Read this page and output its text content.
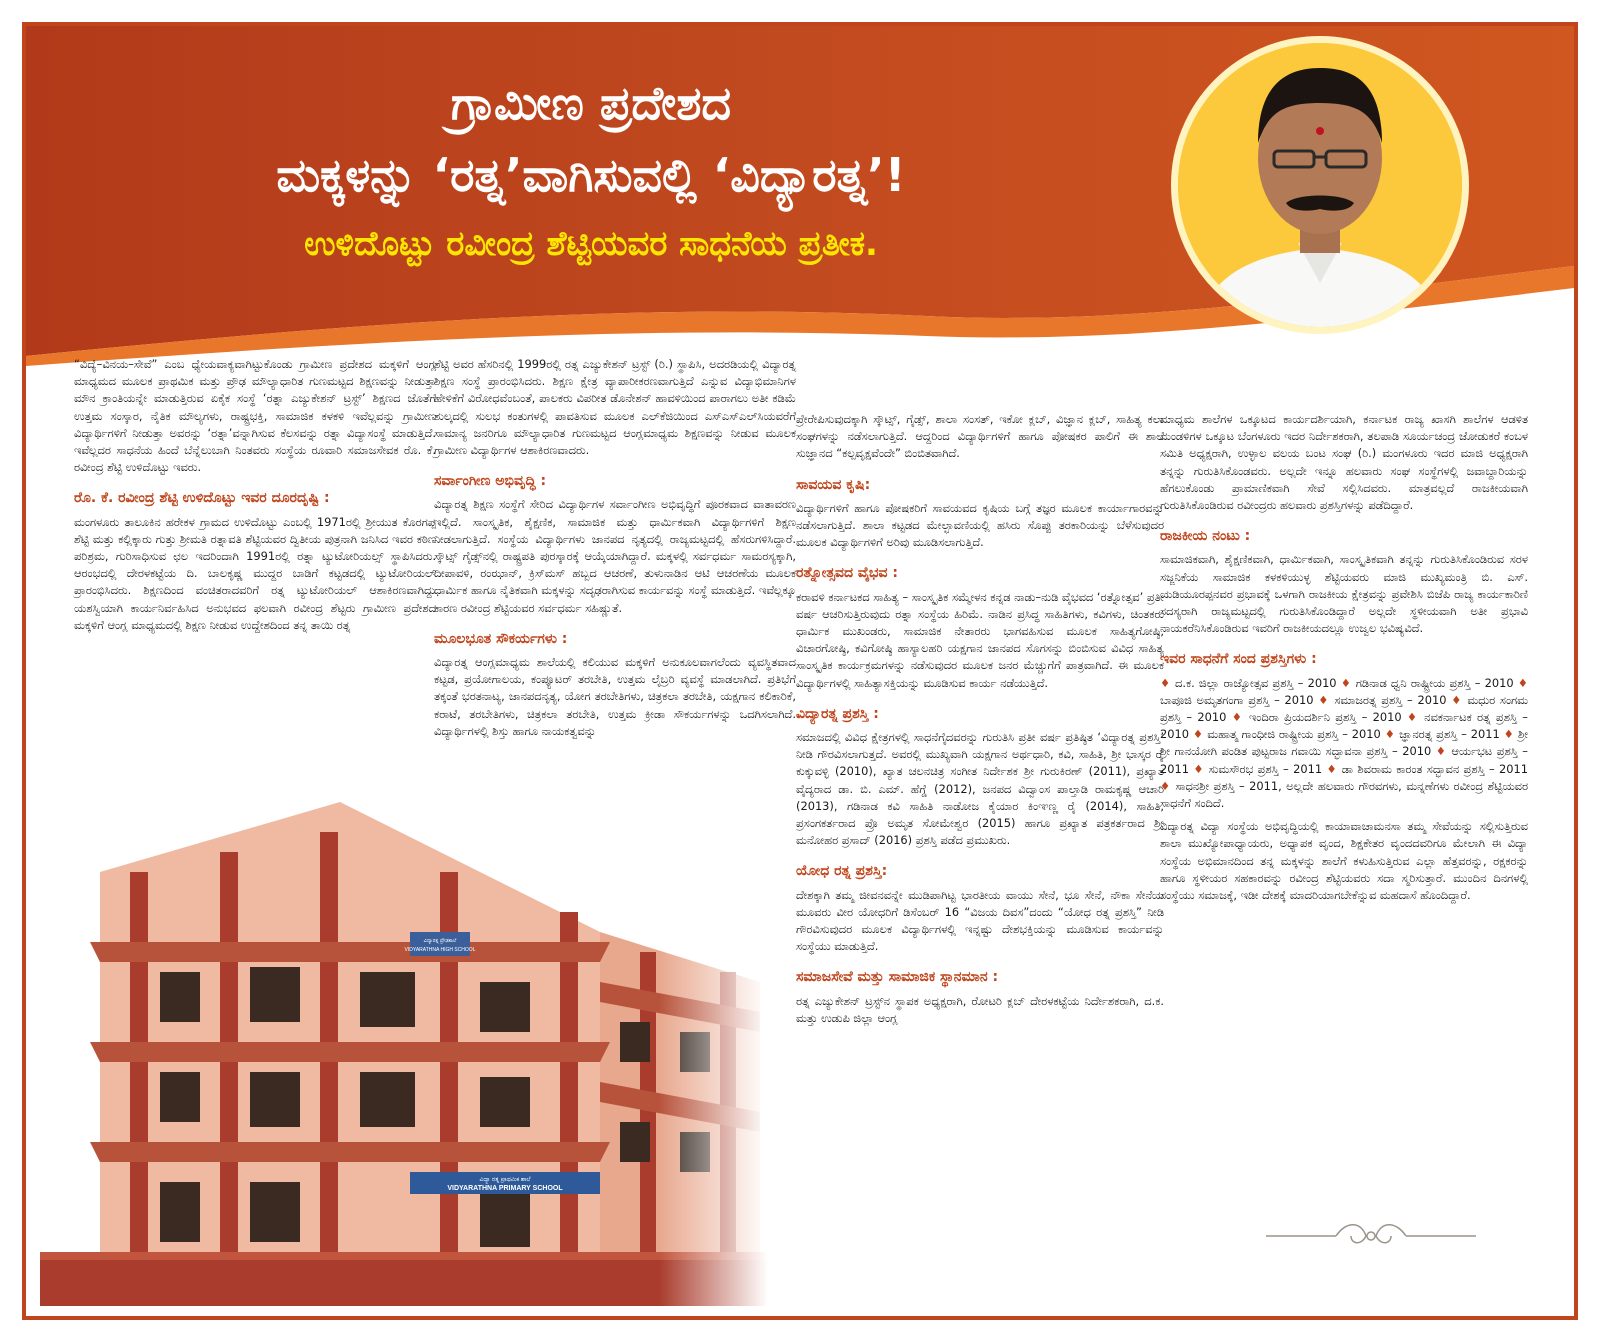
ಗ್ರಾಮೀಣ ಪ್ರದೇಶದ
ಮಕ್ಕಳನ್ನು ‘ರತ್ನ’ವಾಗಿಸುವಲ್ಲಿ ‘ವಿದ್ಯಾರತ್ನ’!
ಉಳಿದೊಟ್ಟು ರವೀಂದ್ರ ಶೆಟ್ಟಿಯವರ ಸಾಧನೆಯ ಪ್ರತೀಕ.

“ವಿದ್ಯೆ–ವಿನಯ–ಸೇವೆ” ಎಂಬ ಧ್ಯೇಯವಾಕ್ಯವಾಗಿಟ್ಟುಕೊಂಡು ಗ್ರಾಮೀಣ ಪ್ರದೇಶದ ಮಕ್ಕಳಿಗೆ ಆಂಗ್ಲ ಮಾಧ್ಯಮದ ಮೂಲಕ ಪ್ರಾಥಮಿಕ ಮತ್ತು ಪ್ರೌಢ ಮೌಲ್ಯಾಧಾರಿತ ಗುಣಮಟ್ಟದ ಶಿಕ್ಷಣವನ್ನು ನೀಡುತ್ತಾ ಮೌನ ಕ್ರಾಂತಿಯನ್ನೇ ಮಾಡುತ್ತಿರುವ ಏಕೈಕ ಸಂಸ್ಥೆ ‘ರತ್ನಾ ಎಜ್ಯುಕೇಶನ್ ಟ್ರಸ್ಟ್’ ಶಿಕ್ಷಣದ ಜೊತೆಗೆ ಉತ್ತಮ ಸಂಸ್ಕಾರ, ನೈತಿಕ ಮೌಲ್ಯಗಳು, ರಾಷ್ಟ್ರಭಕ್ತಿ, ಸಾಮಾಜಿಕ ಕಳಕಳಿ ಇವೆಲ್ಲವನ್ನು ಗ್ರಾಮೀಣ ವಿದ್ಯಾರ್ಥಿಗಳಿಗೆ ನೀಡುತ್ತಾ ಅವರನ್ನು ‘ರತ್ನಾ’ವನ್ನಾಗಿಸುವ ಕೆಲಸವನ್ನು ರತ್ನಾ ವಿದ್ಯಾಸಂಸ್ಥೆ ಮಾಡುತ್ತಿದೆ. ಇವೆಲ್ಲದರ ಸಾಧನೆಯ ಹಿಂದೆ ಬೆನ್ನೆಲುಬಾಗಿ ನಿಂತವರು ಸಂಸ್ಥೆಯ ರೂವಾರಿ ಸಮಾಜಸೇವಕ ರೊ. ಕೆ. ರವೀಂದ್ರ ಶೆಟ್ಟಿ ಉಳಿದೊಟ್ಟು ಇವರು.

ರೊ. ಕೆ. ರವೀಂದ್ರ ಶೆಟ್ಟಿ ಉಳಿದೊಟ್ಟು ಇವರ ದೂರದೃಷ್ಟಿ :

ಮಂಗಳೂರು ತಾಲೂಕಿನ ಹರೇಕಳ ಗ್ರಾಮದ ಉಳಿದೊಟ್ಟು ಎಂಬಲ್ಲಿ 1971ರಲ್ಲಿ ಶ್ರೀಯುತ ಕೊರಗಪ್ಪ ಶೆಟ್ಟಿ ಮತ್ತು ಕಲ್ಲಿಕ್ಕಾರು ಗುತ್ತು ಶ್ರೀಮತಿ ರತ್ನಾವತಿ ಶೆಟ್ಟಿಯವರ ದ್ವಿತೀಯ ಪುತ್ರನಾಗಿ ಜನಿಸಿದ ಇವರ ಕಠಿಣ ಪರಿಶ್ರಮ, ಗುರಿಸಾಧಿಸುವ ಛಲ ಇದರಿಂದಾಗಿ 1991ರಲ್ಲಿ ರತ್ನಾ ಟ್ಯುಟೋರಿಯಲ್ಸ್ ಸ್ಥಾಪಿಸಿದರು. ಆರಂಭದಲ್ಲಿ ದೇರಳಕಟ್ಟೆಯ ದಿ. ಬಾಲಕೃಷ್ಣ ಮುದ್ದರ ಬಾಡಿಗೆ ಕಟ್ಟಡದಲ್ಲಿ ಟ್ಯುಟೋರಿಯಲ್ ಪ್ರಾರಂಭಿಸಿದರು. ಶಿಕ್ಷಣದಿಂದ ವಂಚಿತರಾದವರಿಗೆ ರತ್ನ ಟ್ಯುಟೋರಿಯಲ್ ಆಶಾಕಿರಣವಾಗಿದ್ದು ಯಶಸ್ವಿಯಾಗಿ ಕಾರ್ಯನಿರ್ವಹಿಸಿದ ಅನುಭವದ ಫಲವಾಗಿ ರವೀಂದ್ರ ಶೆಟ್ಟರು ಗ್ರಾಮೀಣ ಪ್ರದೇಶದ ಮಕ್ಕಳಿಗೆ ಆಂಗ್ಲ ಮಾಧ್ಯಮದಲ್ಲಿ ಶಿಕ್ಷಣ ನೀಡುವ ಉದ್ದೇಶದಿಂದ ತನ್ನ ತಾಯಿ ರತ್ನ

ಶೆಟ್ಟಿ ಅವರ ಹೆಸರಿನಲ್ಲಿ 1999ರಲ್ಲಿ ರತ್ನ ಎಜ್ಯುಕೇಶನ್ ಟ್ರಸ್ಟ್ (ರಿ.) ಸ್ಥಾಪಿಸಿ, ಅದರಡಿಯಲ್ಲಿ ವಿದ್ಯಾರತ್ನ ಶಿಕ್ಷಣ ಸಂಸ್ಥೆ ಪ್ರಾರಂಭಿಸಿದರು. ಶಿಕ್ಷಣ ಕ್ಷೇತ್ರ ವ್ಯಾಪಾರೀಕರಣವಾಗುತ್ತಿದೆ ಎನ್ನುವ ವಿದ್ಯಾಭಿಮಾನಿಗಳ ಹೇಳಿಕೆಗೆ ವಿರೋಧವೆಂಬಂತೆ, ಪಾಲಕರು ವಿಪರೀತ ಡೊನೇಶನ್ ಹಾವಳಿಯಿಂದ ಪಾರಾಗಲು ಅತೀ ಕಡಿಮೆ ಶುಲ್ಕದಲ್ಲಿ ಸುಲಭ ಕಂತುಗಳಲ್ಲಿ ಪಾವತಿಸುವ ಮೂಲಕ ಎಲ್‌ಕೆಜಿಯಿಂದ ಎಸ್‌ಎಸ್‌ಎಲ್‌ಸಿಯವರೆಗೆ ಸಾಮಾನ್ಯ ಜನರಿಗೂ ಮೌಲ್ಯಾಧಾರಿತ ಗುಣಮಟ್ಟದ ಆಂಗ್ಲಮಾಧ್ಯಮ ಶಿಕ್ಷಣವನ್ನು ನೀಡುವ ಮೂಲಕ ಗ್ರಾಮೀಣ ವಿದ್ಯಾರ್ಥಿಗಳ ಆಶಾಕಿರಣವಾದರು.

ಸರ್ವಾಂಗೀಣ ಅಭಿವೃದ್ಧಿ :

ವಿದ್ಯಾರತ್ನ ಶಿಕ್ಷಣ ಸಂಸ್ಥೆಗೆ ಸೇರಿದ ವಿದ್ಯಾರ್ಥಿಗಳ ಸರ್ವಾಂಗೀಣ ಅಭಿವೃದ್ಧಿಗೆ ಪೂರಕವಾದ ವಾತಾವರಣ ಇಲ್ಲಿದೆ. ಸಾಂಸ್ಕೃತಿಕ, ಶೈಕ್ಷಣಿಕ, ಸಾಮಾಜಿಕ ಮತ್ತು ಧಾರ್ಮಿಕವಾಗಿ ವಿದ್ಯಾರ್ಥಿಗಳಿಗೆ ಶಿಕ್ಷಣ ನೀಡಲಾಗುತ್ತಿದೆ. ಸಂಸ್ಥೆಯ ವಿದ್ಯಾರ್ಥಿಗಳು ಜಾನಪದ ನೃತ್ಯದಲ್ಲಿ ರಾಜ್ಯಮಟ್ಟದಲ್ಲಿ ಹೆಸರುಗಳಿಸಿದ್ದಾರೆ. ಸ್ಕೌಟ್ಸ್ ಗೈಡ್ಸ್‌ನಲ್ಲಿ ರಾಷ್ಟ್ರಪತಿ ಪುರಸ್ಕಾರಕ್ಕೆ ಆಯ್ಕೆಯಾಗಿದ್ದಾರೆ. ಮಕ್ಕಳಲ್ಲಿ ಸರ್ವಧರ್ಮ ಸಾಮರಸ್ಯಕ್ಕಾಗಿ, ದೀಪಾವಳಿ, ರಂಝಾನ್, ಕ್ರಿಸ್‌ಮಸ್ ಹಬ್ಬದ ಆಚರಣೆ, ತುಳುನಾಡಿನ ಆಟಿ ಆಚರಣೆಯ ಮೂಲಕ ಧಾರ್ಮಿಕ ಹಾಗೂ ನೈತಿಕವಾಗಿ ಮಕ್ಕಳನ್ನು ಸದೃಢರಾಗಿಸುವ ಕಾರ್ಯವನ್ನು ಸಂಸ್ಥೆ ಮಾಡುತ್ತಿದೆ. ಇವೆಲ್ಲಕ್ಕೂ ಕಾರಣ ರವೀಂದ್ರ ಶೆಟ್ಟಿಯವರ ಸರ್ವಧರ್ಮ ಸಹಿಷ್ಣುತೆ.

ಮೂಲಭೂತ ಸೌಕರ್ಯಗಳು :

ವಿದ್ಯಾರತ್ನ ಆಂಗ್ಲಮಾಧ್ಯಮ ಶಾಲೆಯಲ್ಲಿ ಕಲಿಯುವ ಮಕ್ಕಳಿಗೆ ಅನುಕೂಲವಾಗಲೆಂದು ವ್ಯವಸ್ಥಿತವಾದ ಕಟ್ಟಡ, ಪ್ರಯೋಗಾಲಯ, ಕಂಪ್ಯೂಟರ್ ತರಬೇತಿ, ಉತ್ತಮ ಲೈಬ್ರರಿ ವ್ಯವಸ್ಥೆ ಮಾಡಲಾಗಿದೆ. ಪ್ರತಿಭೆಗೆ ತಕ್ಕಂತೆ ಭರತನಾಟ್ಯ, ಜಾನಪದನೃತ್ಯ, ಯೋಗ ತರಬೇತಿಗಳು, ಚಿತ್ರಕಲಾ ತರಬೇತಿ, ಯಕ್ಷಗಾನ ಕಲಿಕಾರಿಕೆ, ಕರಾಟೆ, ತರಬೇತಿಗಳು, ಚಿತ್ರಕಲಾ ತರಬೇತಿ, ಉತ್ತಮ ಕ್ರೀಡಾ ಸೌಕರ್ಯಗಳನ್ನು ಒದಗಿಸಲಾಗಿದೆ. ವಿದ್ಯಾರ್ಥಿಗಳಲ್ಲಿ ಶಿಸ್ತು ಹಾಗೂ ನಾಯಕತ್ವವನ್ನು

ಪ್ರೇರೇಪಿಸುವುದಕ್ಕಾಗಿ ಸ್ಕೌಟ್ಸ್, ಗೈಡ್ಸ್, ಶಾಲಾ ಸಂಸತ್, ಇಕೋ ಕ್ಲಬ್, ವಿಜ್ಞಾನ ಕ್ಲಬ್, ಸಾಹಿತ್ಯ ಕಲಾ ಸಂಘಗಳನ್ನು ನಡೆಸಲಾಗುತ್ತಿದೆ. ಆದ್ದರಿಂದ ವಿದ್ಯಾರ್ಥಿಗಳಿಗೆ ಹಾಗೂ ಪೋಷಕರ ಪಾಲಿಗೆ ಈ ಶಾಲೆ ಸುಜ್ಞಾನದ “ಕಲ್ಪವೃಕ್ಷವೆಂದೇ” ಬಿಂಬಿತವಾಗಿದೆ.

ಸಾವಯವ ಕೃಷಿ:

ವಿದ್ಯಾರ್ಥಿಗಳಿಗೆ ಹಾಗೂ ಪೋಷಕರಿಗೆ ಸಾವಯವದ ಕೃಷಿಯ ಬಗ್ಗೆ ತಜ್ಞರ ಮೂಲಕ ಕಾರ್ಯಾಗಾರವನ್ನು ನಡೆಸಲಾಗುತ್ತಿದೆ. ಶಾಲಾ ಕಟ್ಟಡದ ಮೇಲ್ಛಾವಣಿಯಲ್ಲಿ ಹಸಿರು ಸೊಪ್ಪು ತರಕಾರಿಯನ್ನು ಬೆಳೆಸುವುದರ ಮೂಲಕ ವಿದ್ಯಾರ್ಥಿಗಳಿಗೆ ಅರಿವು ಮೂಡಿಸಲಾಗುತ್ತಿದೆ.

ರತ್ನೋತ್ಸವದ ವೈಭವ :

ಕರಾವಳಿ ಕರ್ನಾಟಕದ ಸಾಹಿತ್ಯ – ಸಾಂಸ್ಕೃತಿಕ ಸಮ್ಮೇಳನ ಕನ್ನಡ ನಾಡು–ನುಡಿ ವೈಭವದ ‘ರತ್ನೋತ್ಸವ’ ಪ್ರತೀ ವರ್ಷ ಆಚರಿಸುತ್ತಿರುವುದು ರತ್ನಾ ಸಂಸ್ಥೆಯ ಹಿರಿಮೆ. ನಾಡಿನ ಪ್ರಸಿದ್ಧ ಸಾಹಿತಿಗಳು, ಕವಿಗಳು, ಚಿಂತಕರು ಧಾರ್ಮಿಕ ಮುಖಂಡರು, ಸಾಮಾಜಿಕ ನೇತಾರರು ಭಾಗವಹಿಸುವ ಮೂಲಕ ಸಾಹಿತ್ಯಗೋಷ್ಠಿ, ವಿಚಾರಗೋಷ್ಠಿ, ಕವಿಗೋಷ್ಠಿ ಹಾಸ್ಯಾಲಹರಿ ಯಕ್ಷಗಾನ ಜಾನಪದ ಸೊಗಸನ್ನು ಬಿಂಬಿಸುವ ವಿವಿಧ ಸಾಹಿತ್ಯ ಸಾಂಸ್ಕೃತಿಕ ಕಾರ್ಯಕ್ರಮಗಳನ್ನು ನಡೆಸುವುದರ ಮೂಲಕ ಜನರ ಮೆಚ್ಚುಗೆಗೆ ಪಾತ್ರವಾಗಿದೆ. ಈ ಮೂಲಕ ವಿದ್ಯಾರ್ಥಿಗಳಲ್ಲಿ ಸಾಹಿತ್ಯಾಸಕ್ತಿಯನ್ನು ಮೂಡಿಸುವ ಕಾರ್ಯ ನಡೆಯುತ್ತಿದೆ.

ವಿದ್ಯಾರತ್ನ ಪ್ರಶಸ್ತಿ :

ಸಮಾಜದಲ್ಲಿ ವಿವಿಧ ಕ್ಷೇತ್ರಗಳಲ್ಲಿ ಸಾಧನೆಗೈದವರನ್ನು ಗುರುತಿಸಿ ಪ್ರತೀ ವರ್ಷ ಪ್ರತಿಷ್ಠಿತ ‘ವಿದ್ಯಾರತ್ನ ಪ್ರಶಸ್ತಿ’ ನೀಡಿ ಗೌರವಿಸಲಾಗುತ್ತದೆ. ಅವರಲ್ಲಿ ಮುಖ್ಯವಾಗಿ ಯಕ್ಷಗಾನ ಅರ್ಥಧಾರಿ, ಕವಿ, ಸಾಹಿತಿ, ಶ್ರೀ ಭಾಸ್ಕರ ರೈ ಕುಕ್ಕುವಳ್ಳಿ (2010), ಖ್ಯಾತ ಚಲನಚಿತ್ರ ಸಂಗೀತ ನಿರ್ದೇಶಕ ಶ್ರೀ ಗುರುಕಿರಣ್ (2011), ಪ್ರಖ್ಯಾತ ವೈದ್ಯರಾದ ಡಾ. ಬಿ. ಎಮ್. ಹೆಗ್ಡೆ (2012), ಜನಪದ ವಿದ್ವಾಂಸ ಪಾಲ್ತಾಡಿ ರಾಮಕೃಷ್ಣ ಆಚಾರಿ (2013), ಗಡಿನಾಡ ಕವಿ ಸಾಹಿತಿ ನಾಡೋಜ ಕೈಯಾರ ಕಿಂಞಣ್ಣ ರೈ (2014), ಸಾಹಿತಿ, ಪ್ರಸಂಗಕರ್ತರಾದ ಪ್ರೊ ಅಮೃತ ಸೋಮೇಶ್ವರ (2015) ಹಾಗೂ ಪ್ರಖ್ಯಾತ ಪತ್ರಕರ್ತರಾದ ಶ್ರೀ ಮನೋಹರ ಪ್ರಸಾದ್ (2016) ಪ್ರಶಸ್ತಿ ಪಡೆದ ಪ್ರಮುಖರು.

ಯೋಧ ರತ್ನ ಪ್ರಶಸ್ತಿ:

ದೇಶಕ್ಕಾಗಿ ತಮ್ಮ ಜೀವನವನ್ನೇ ಮುಡಿಪಾಗಿಟ್ಟ ಭಾರತೀಯ ವಾಯು ಸೇನೆ, ಭೂ ಸೇನೆ, ನೌಕಾ ಸೇನೆಯ ಮೂವರು ವೀರ ಯೋಧರಿಗೆ ಡಿಸೆಂಬರ್ 16 “ವಿಜಯ ದಿವಸ”ದಂದು “ಯೋಧ ರತ್ನ ಪ್ರಶಸ್ತಿ” ನೀಡಿ ಗೌರವಿಸುವುದರ ಮೂಲಕ ವಿದ್ಯಾರ್ಥಿಗಳಲ್ಲಿ ಇನ್ನಷ್ಟು ದೇಶಭಕ್ತಿಯನ್ನು ಮೂಡಿಸುವ ಕಾರ್ಯವನ್ನು ಸಂಸ್ಥೆಯು ಮಾಡುತ್ತಿದೆ.

ಸಮಾಜಸೇವೆ ಮತ್ತು ಸಾಮಾಜಿಕ ಸ್ಥಾನಮಾನ :

ರತ್ನ ಎಜ್ಯುಕೇಶನ್ ಟ್ರಸ್ಟ್‌ನ ಸ್ಥಾಪಕ ಅಧ್ಯಕ್ಷರಾಗಿ, ರೋಟರಿ ಕ್ಲಬ್ ದೇರಳಕಟ್ಟೆಯ ನಿರ್ದೇಶಕರಾಗಿ, ದ.ಕ. ಮತ್ತು ಉಡುಪಿ ಜಿಲ್ಲಾ ಆಂಗ್ಲ

ಮಾಧ್ಯಮ ಶಾಲೆಗಳ ಒಕ್ಕೂಟದ ಕಾರ್ಯದರ್ಶಿಯಾಗಿ, ಕರ್ನಾಟಕ ರಾಜ್ಯ ಖಾಸಗಿ ಶಾಲೆಗಳ ಆಡಳಿತ ಮಂಡಳಿಗಳ ಒಕ್ಕೂಟ ಬೆಂಗಳೂರು ಇದರ ನಿರ್ದೇಶಕರಾಗಿ, ತಲಪಾಡಿ ಸೂರ್ಯಚಂದ್ರ ಜೋಡುಕರೆ ಕಂಬಳ ಸಮಿತಿ ಅಧ್ಯಕ್ಷರಾಗಿ, ಉಳ್ಳಾಲ ವಲಯ ಬಂಟ ಸಂಘ (ರಿ.) ಮಂಗಳೂರು ಇದರ ಮಾಜಿ ಅಧ್ಯಕ್ಷರಾಗಿ ತನ್ನನ್ನು ಗುರುತಿಸಿಕೊಂಡವರು. ಅಲ್ಲದೇ ಇನ್ನೂ ಹಲವಾರು ಸಂಘ ಸಂಸ್ಥೆಗಳಲ್ಲಿ ಜವಾಬ್ದಾರಿಯನ್ನು ಹೆಗಲುಕೊಂಡು ಪ್ರಾಮಾಣಿಕವಾಗಿ ಸೇವೆ ಸಲ್ಲಿಸಿದವರು. ಮಾತ್ರವಲ್ಲದೆ ರಾಜಕೀಯವಾಗಿ ಗುರುತಿಸಿಕೊಂಡಿರುವ ರವೀಂದ್ರರು ಹಲವಾರು ಪ್ರಶಸ್ತಿಗಳನ್ನು ಪಡೆದಿದ್ದಾರೆ.

ರಾಜಕೀಯ ನಂಟು :

ಸಾಮಾಜಿಕವಾಗಿ, ಶೈಕ್ಷಣಿಕವಾಗಿ, ಧಾರ್ಮಿಕವಾಗಿ, ಸಾಂಸ್ಕೃತಿಕವಾಗಿ ತನ್ನನ್ನು ಗುರುತಿಸಿಕೊಂಡಿರುವ ಸರಳ ಸಜ್ಜನಿಕೆಯ ಸಾಮಾಜಿಕ ಕಳಕಳಿಯುಳ್ಳ ಶೆಟ್ಟಿಯವರು ಮಾಜಿ ಮುಖ್ಯಮಂತ್ರಿ ಬಿ. ಎಸ್. ಯಡಿಯೂರಪ್ಪನವರ ಪ್ರಭಾವಕ್ಕೆ ಒಳಗಾಗಿ ರಾಜಕೀಯ ಕ್ಷೇತ್ರವನ್ನು ಪ್ರವೇಶಿಸಿ ಬಿಜೆಪಿ ರಾಜ್ಯ ಕಾರ್ಯಕಾರಿಣಿ ಸದಸ್ಯರಾಗಿ ರಾಜ್ಯಮಟ್ಟದಲ್ಲಿ ಗುರುತಿಸಿಕೊಂಡಿದ್ದಾರೆ ಅಲ್ಲದೇ ಸ್ಥಳೀಯವಾಗಿ ಅತೀ ಪ್ರಭಾವಿ ನಾಯಕರೆನಿಸಿಕೊಂಡಿರುವ ಇವರಿಗೆ ರಾಜಕೀಯದಲ್ಲೂ ಉಜ್ವಲ ಭವಿಷ್ಯವಿದೆ.

ಇವರ ಸಾಧನೆಗೆ ಸಂದ ಪ್ರಶಸ್ತಿಗಳು :

♦ ದ.ಕ. ಜಿಲ್ಲಾ ರಾಜ್ಯೋತ್ಸವ ಪ್ರಶಸ್ತಿ – 2010 ♦ ಗಡಿನಾಡ ಧ್ವನಿ ರಾಷ್ಟ್ರೀಯ ಪ್ರಶಸ್ತಿ – 2010 ♦ ಬಾಪೂಜಿ ಅಮೃತಗಂಗಾ ಪ್ರಶಸ್ತಿ – 2010 ♦ ಸಮಾಜರತ್ನ ಪ್ರಶಸ್ತಿ – 2010 ♦ ಮಧುರ ಸಂಗಮ ಪ್ರಶಸ್ತಿ – 2010 ♦ ಇಂದಿರಾ ಪ್ರಿಯದರ್ಶಿನಿ ಪ್ರಶಸ್ತಿ – 2010 ♦ ನವಕರ್ನಾಟಕ ರತ್ನ ಪ್ರಶಸ್ತಿ – 2010 ♦ ಮಹಾತ್ಮ ಗಾಂಧೀಜಿ ರಾಷ್ಟ್ರೀಯ ಪ್ರಶಸ್ತಿ – 2010 ♦ ಜ್ಞಾನರತ್ನ ಪ್ರಶಸ್ತಿ – 2011 ♦ ಶ್ರೀ ಶ್ರೀ ಗಾನಯೋಗಿ ಪಂಡಿತ ಪುಟ್ಟರಾಜ ಗವಾಯಿ ಸದ್ಭಾವನಾ ಪ್ರಶಸ್ತಿ – 2010 ♦ ಆರ್ಯಭಟ ಪ್ರಶಸ್ತಿ – 2011 ♦ ಸುಮಸೌರಭ ಪ್ರಶಸ್ತಿ – 2011 ♦ ಡಾ ಶಿವರಾಮ ಕಾರಂತ ಸದ್ಭಾವನ ಪ್ರಶಸ್ತಿ – 2011 ♦ ಸಾಧನಶ್ರೀ ಪ್ರಶಸ್ತಿ – 2011, ಅಲ್ಲದೇ ಹಲವಾರು ಗೌರವಗಳು, ಮನ್ನಣೆಗಳು ರವೀಂದ್ರ ಶೆಟ್ಟಿಯವರ ಸಾಧನೆಗೆ ಸಂದಿದೆ.

ವಿದ್ಯಾರತ್ನ ವಿದ್ಯಾ ಸಂಸ್ಥೆಯ ಅಭಿವೃದ್ಧಿಯಲ್ಲಿ ಕಾಯಾವಾಚಾಮನಸಾ ತಮ್ಮ ಸೇವೆಯನ್ನು ಸಲ್ಲಿಸುತ್ತಿರುವ ಶಾಲಾ ಮುಖ್ಯೋಪಾಧ್ಯಾಯರು, ಅಧ್ಯಾಪಕ ವೃಂದ, ಶಿಕ್ಷಕೇತರ ವೃಂದದವರಿಗೂ ಮೇಲಾಗಿ ಈ ವಿದ್ಯಾ ಸಂಸ್ಥೆಯ ಅಭಿಮಾನದಿಂದ ತನ್ನ ಮಕ್ಕಳನ್ನು ಶಾಲೆಗೆ ಕಳುಹಿಸುತ್ತಿರುವ ಎಲ್ಲಾ ಹೆತ್ತವರನ್ನು, ರಕ್ಷಕರನ್ನು ಹಾಗೂ ಸ್ಥಳೀಯರ ಸಹಕಾರವನ್ನು ರವೀಂದ್ರ ಶೆಟ್ಟಿಯವರು ಸದಾ ಸ್ಮರಿಸುತ್ತಾರೆ. ಮುಂದಿನ ದಿನಗಳಲ್ಲಿ ಸಂಸ್ಥೆಯು ಸಮಾಜಕ್ಕೆ, ಇಡೀ ದೇಶಕ್ಕೆ ಮಾದರಿಯಾಗಬೇಕೆನ್ನುವ ಮಹದಾಸೆ ಹೊಂದಿದ್ದಾರೆ.
